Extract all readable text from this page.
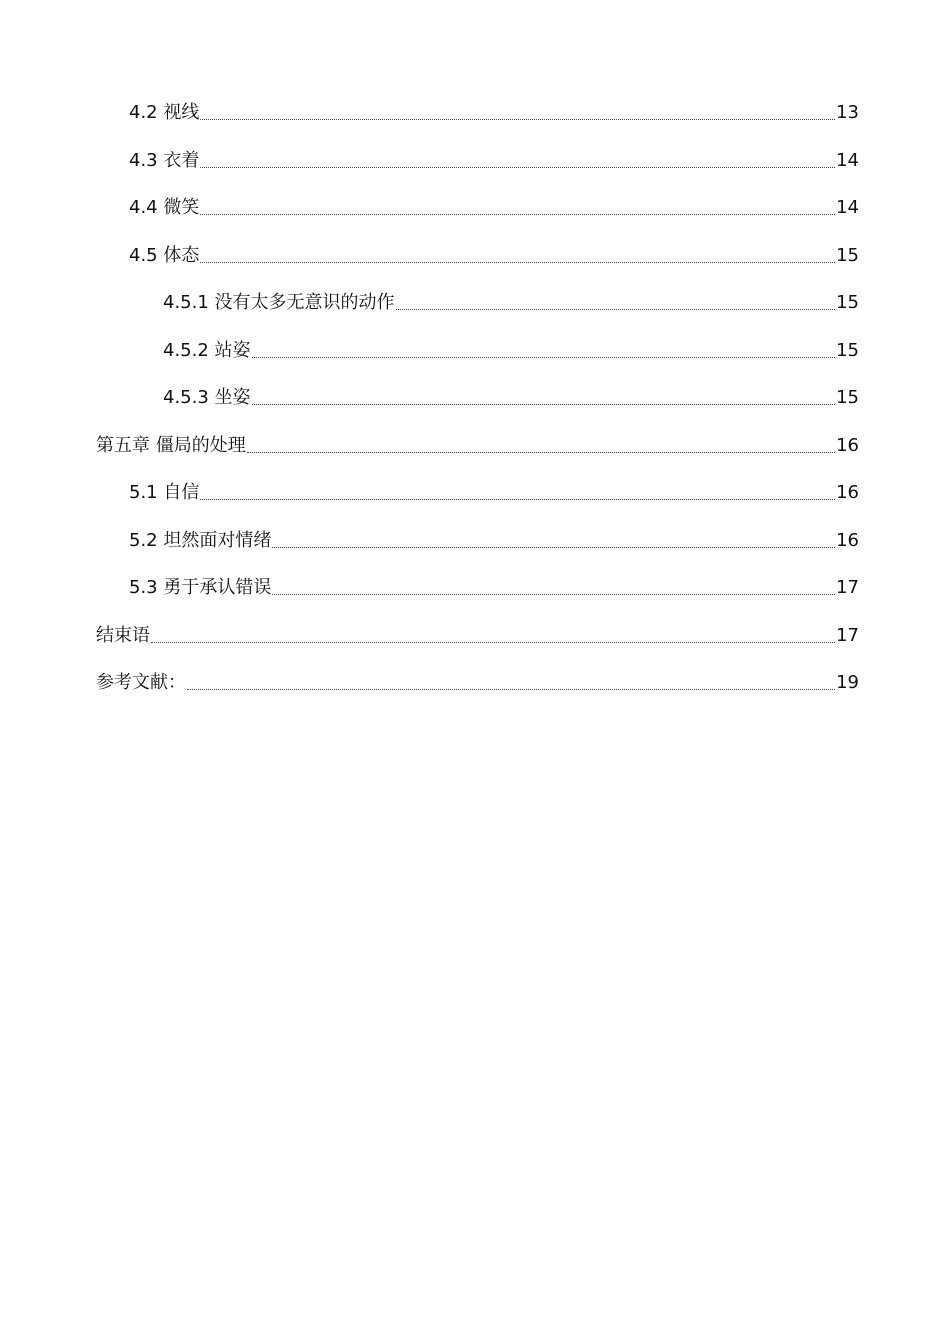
4.2 视线	13
4.3 衣着	14
4.4 微笑	14
4.5 体态	15
4.5.1 没有太多无意识的动作	15
4.5.2 站姿	15
4.5.3 坐姿	15
第五章 僵局的处理	16
5.1 自信	16
5.2 坦然面对情绪	16
5.3 勇于承认错误	17
结束语	17
参考文献：	19
